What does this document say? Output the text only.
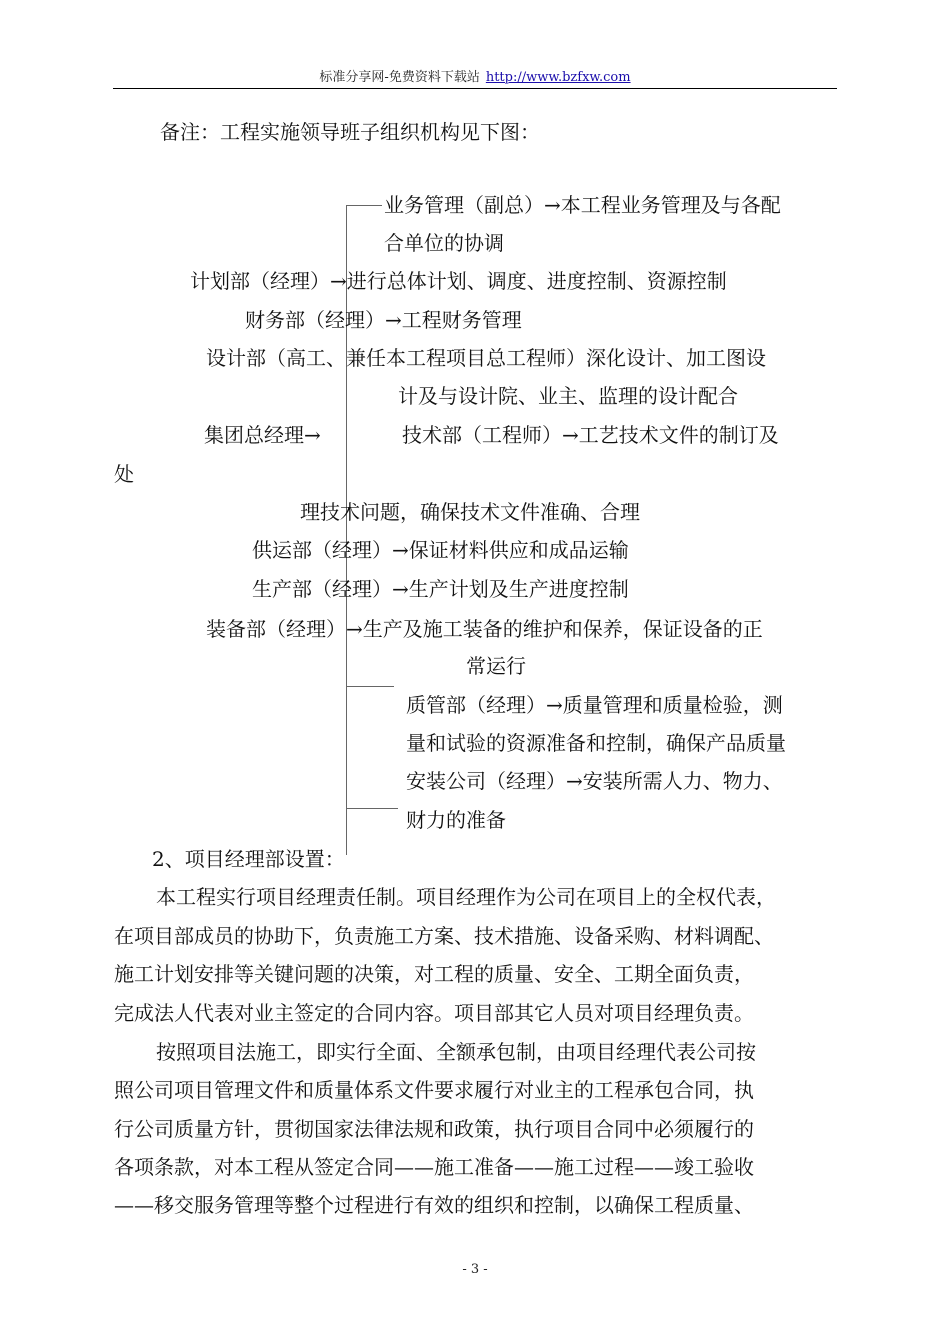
标准分享网-免费资料下载站 http://www.bzfxw.com
备注：工程实施领导班子组织机构见下图：
业务管理（副总）→本工程业务管理及与各配
合单位的协调
计划部（经理）→进行总体计划、调度、进度控制、资源控制
财务部（经理）→工程财务管理
设计部（高工、兼任本工程项目总工程师）深化设计、加工图设
计及与设计院、业主、监理的设计配合
集团总经理→	技术部（工程师）→工艺技术文件的制订及
处
理技术问题，确保技术文件准确、合理
供运部（经理）→保证材料供应和成品运输
生产部（经理）→生产计划及生产进度控制
装备部（经理）→生产及施工装备的维护和保养，保证设备的正
常运行
质管部（经理）→质量管理和质量检验，测
量和试验的资源准备和控制，确保产品质量
安装公司（经理）→安装所需人力、物力、
财力的准备
2、项目经理部设置：
本工程实行项目经理责任制。项目经理作为公司在项目上的全权代表，
在项目部成员的协助下，负责施工方案、技术措施、设备采购、材料调配、
施工计划安排等关键问题的决策，对工程的质量、安全、工期全面负责，
完成法人代表对业主签定的合同内容。项目部其它人员对项目经理负责。
按照项目法施工，即实行全面、全额承包制，由项目经理代表公司按
照公司项目管理文件和质量体系文件要求履行对业主的工程承包合同，执
行公司质量方针，贯彻国家法律法规和政策，执行项目合同中必须履行的
各项条款，对本工程从签定合同——施工准备——施工过程——竣工验收
——移交服务管理等整个过程进行有效的组织和控制，以确保工程质量、
- 3 -
